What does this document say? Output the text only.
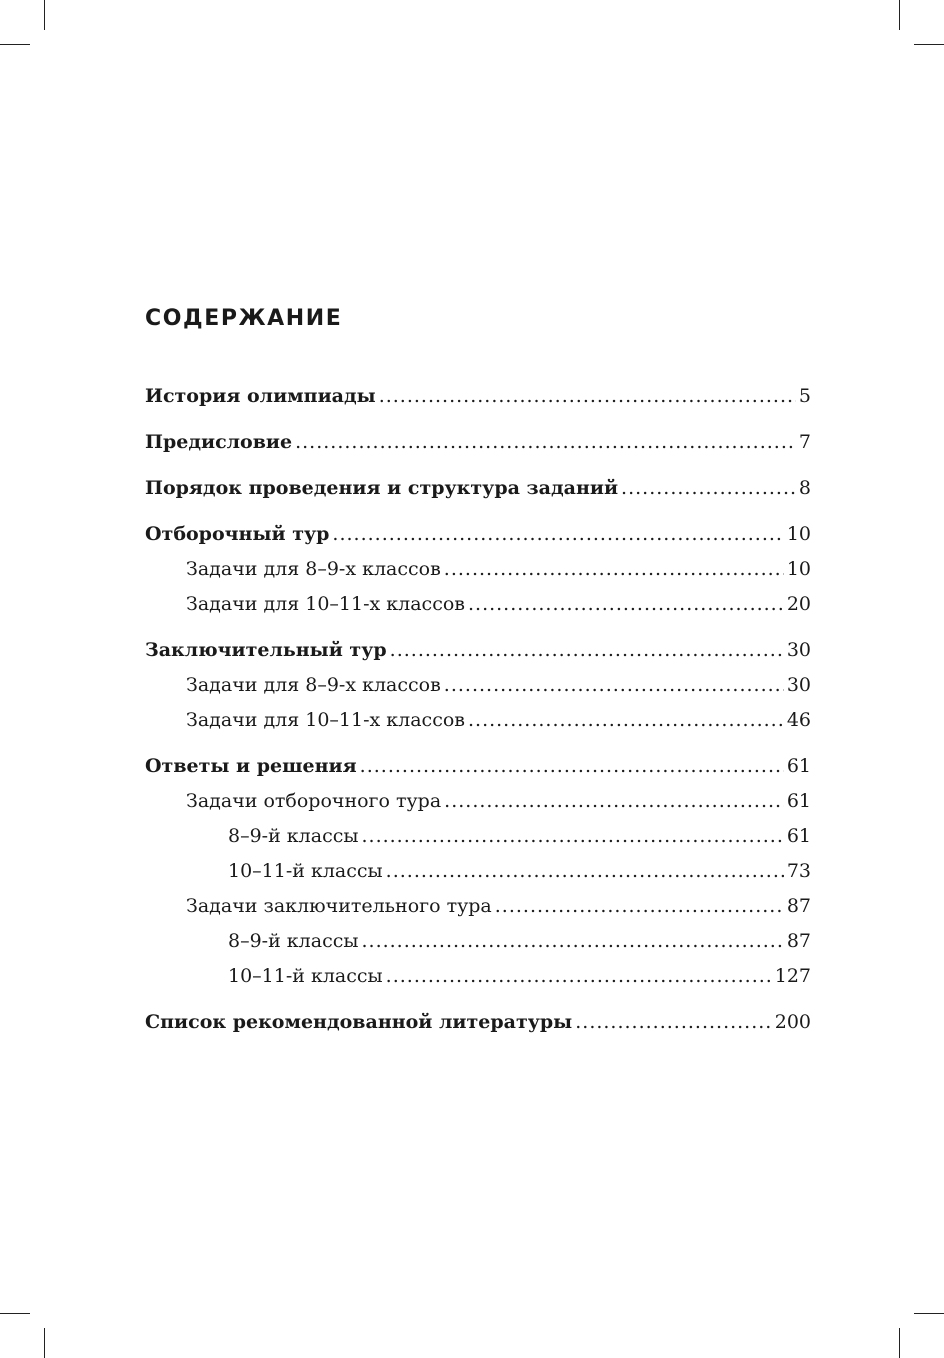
СОДЕРЖАНИЕ
История олимпиады .....	5
Предисловие .....	7
Порядок проведения и структура заданий .....	8
Отборочный тур .....	10
Задачи для 8–9-х классов .....	10
Задачи для 10–11-х классов .....	20
Заключительный тур .....	30
Задачи для 8–9-х классов .....	30
Задачи для 10–11-х классов .....	46
Ответы и решения .....	61
Задачи отборочного тура .....	61
8–9-й классы .....	61
10–11-й классы .....	73
Задачи заключительного тура .....	87
8–9-й классы .....	87
10–11-й классы .....	127
Список рекомендованной литературы .....	200
